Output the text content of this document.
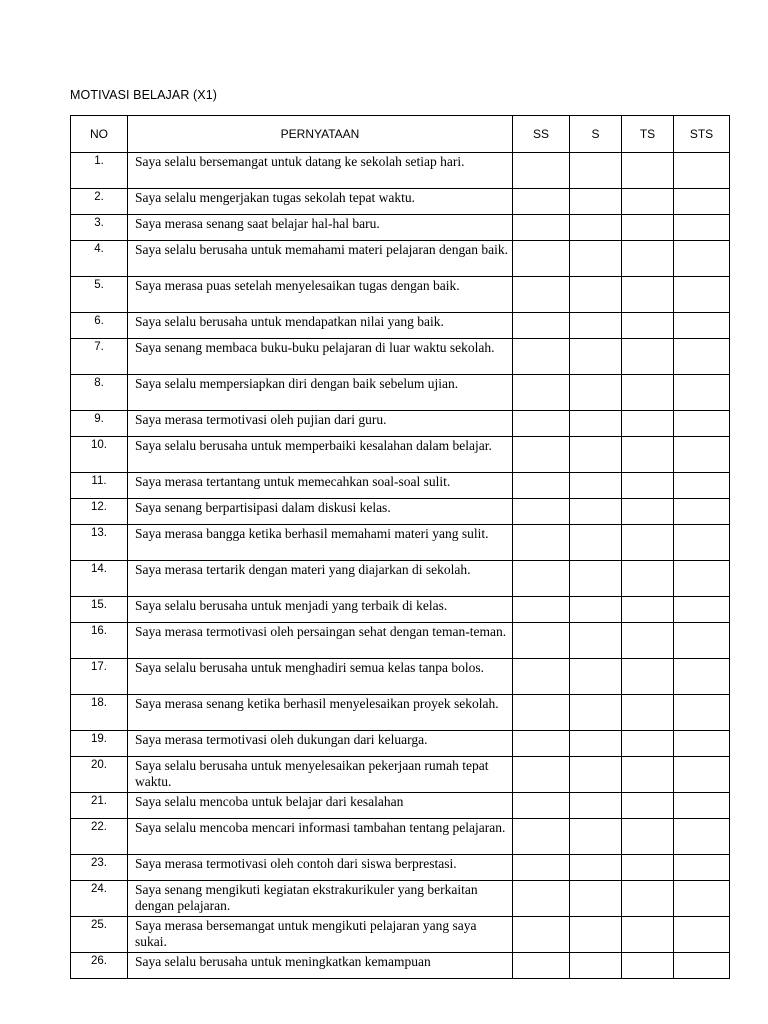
MOTIVASI BELAJAR (X1)
NO	PERNYATAAN	SS	S	TS	STS
1.	Saya selalu bersemangat untuk datang ke sekolah setiap hari.				
2.	Saya selalu mengerjakan tugas sekolah tepat waktu.				
3.	Saya merasa senang saat belajar hal-hal baru.				
4.	Saya selalu berusaha untuk memahami materi pelajaran dengan baik.				
5.	Saya merasa puas setelah menyelesaikan tugas dengan baik.				
6.	Saya selalu berusaha untuk mendapatkan nilai yang baik.				
7.	Saya senang membaca buku-buku pelajaran di luar waktu sekolah.				
8.	Saya selalu mempersiapkan diri dengan baik sebelum ujian.				
9.	Saya merasa termotivasi oleh pujian dari guru.				
10.	Saya selalu berusaha untuk memperbaiki kesalahan dalam belajar.				
11.	Saya merasa tertantang untuk memecahkan soal-soal sulit.				
12.	Saya senang berpartisipasi dalam diskusi kelas.				
13.	Saya merasa bangga ketika berhasil memahami materi yang sulit.				
14.	Saya merasa tertarik dengan materi yang diajarkan di sekolah.				
15.	Saya selalu berusaha untuk menjadi yang terbaik di kelas.				
16.	Saya merasa termotivasi oleh persaingan sehat dengan teman-teman.				
17.	Saya selalu berusaha untuk menghadiri semua kelas tanpa bolos.				
18.	Saya merasa senang ketika berhasil menyelesaikan proyek sekolah.				
19.	Saya merasa termotivasi oleh dukungan dari keluarga.				
20.	Saya selalu berusaha untuk menyelesaikan pekerjaan rumah tepat waktu.				
21.	Saya selalu mencoba untuk belajar dari kesalahan				
22.	Saya selalu mencoba mencari informasi tambahan tentang pelajaran.				
23.	Saya merasa termotivasi oleh contoh dari siswa berprestasi.				
24.	Saya senang mengikuti kegiatan ekstrakurikuler yang berkaitan dengan pelajaran.				
25.	Saya merasa bersemangat untuk mengikuti pelajaran yang saya sukai.				
26.	Saya selalu berusaha untuk meningkatkan kemampuan				
